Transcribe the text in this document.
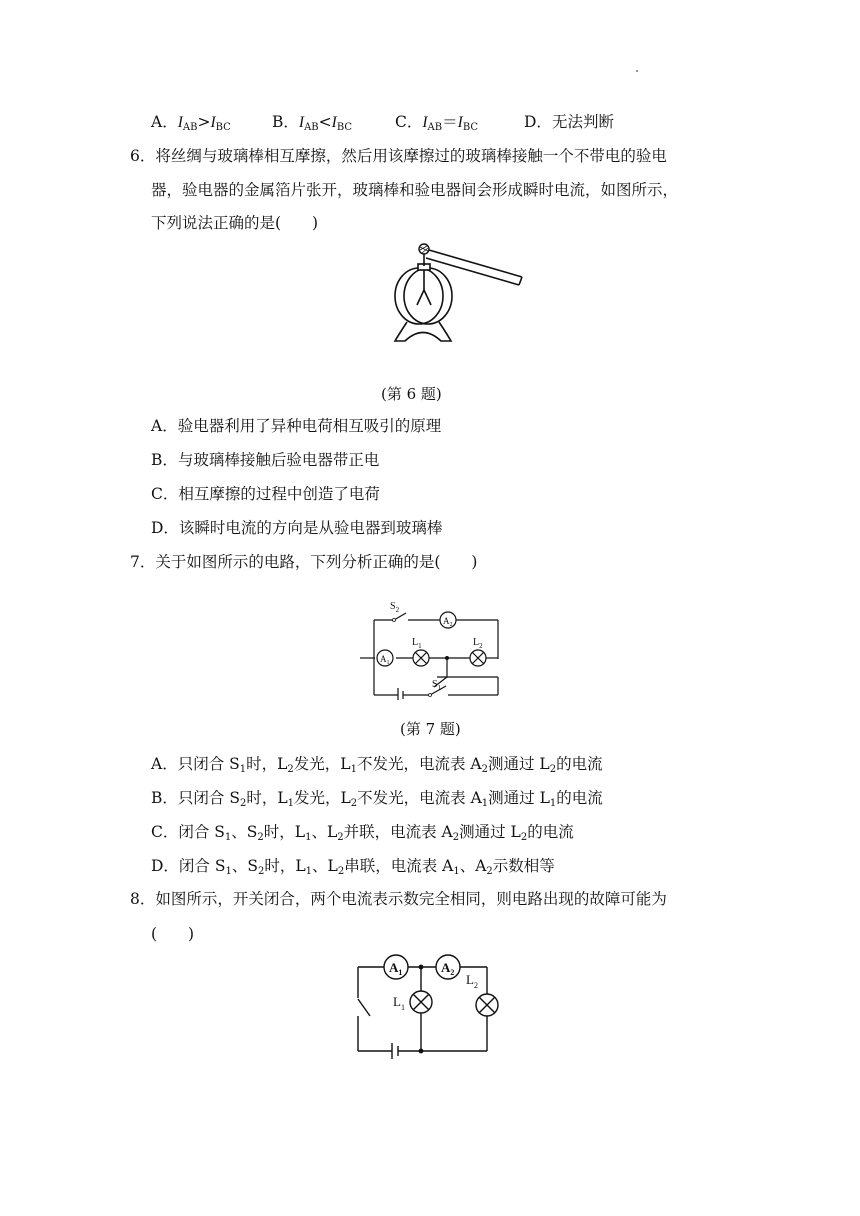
A．$I_{AB}>I_{BC}$	B．$I_{AB}<I_{BC}$	C．$I_{AB}=I_{BC}$	D．无法判断
6．将丝绸与玻璃棒相互摩擦，然后用该摩擦过的玻璃棒接触一个不带电的验电
器，验电器的金属箔片张开，玻璃棒和验电器间会形成瞬时电流，如图所示，
下列说法正确的是(　　)
(第 6 题)
A．验电器利用了异种电荷相互吸引的原理
B．与玻璃棒接触后验电器带正电
C．相互摩擦的过程中创造了电荷
D．该瞬时电流的方向是从验电器到玻璃棒
7．关于如图所示的电路，下列分析正确的是(　　)
$S_2$
$A_2$
$L_1$	$L_2$
$A_1$
$S_1$
(第 7 题)
A．只闭合 $S_1$时，$L_2$发光，$L_1$不发光，电流表 $A_2$测通过 $L_2$的电流
B．只闭合 $S_2$时，$L_1$发光，$L_2$不发光，电流表 $A_1$测通过 $L_1$的电流
C．闭合 $S_1$、$S_2$时，$L_1$、$L_2$并联，电流表 $A_2$测通过 $L_2$的电流
D．闭合 $S_1$、$S_2$时，$L_1$、$L_2$串联，电流表 $A_1$、$A_2$示数相等
8．如图所示，开关闭合，两个电流表示数完全相同，则电路出现的故障可能为
(　　)
$A_1$	$A_2$
$L_1$
$L_2$
